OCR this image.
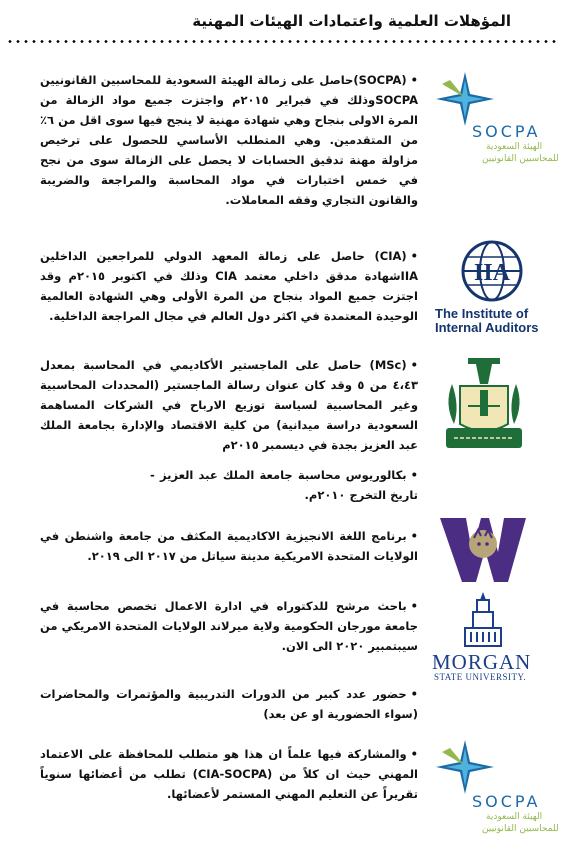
المؤهلات العلمية واعتمادات الهيئات المهنية
• (SOCPA)حاصل على زمالة الهيئة السعودية للمحاسبين القانونيين SOCPAوذلك في فبراير ٢٠١٥م واجتزت جميع مواد الزمالة من المرة الاولى بنجاح وهي شهادة مهنية لا ينجح فيها سوى اقل من ٦٪ من المتقدمين. وهي المتطلب الأساسي للحصول على ترخيص مزاولة مهنة تدقيق الحسابات لا يحصل على الزمالة سوى من نجح في خمس اختبارات في مواد المحاسبة والمراجعة والضريبة والقانون التجاري وفقه المعاملات.
SOCPA
الهيئة السعودية
للمحاسبين القانونيين
• (CIA) حاصل على زمالة المعهد الدولي للمراجعين الداخلين IIAشهادة مدقق داخلي معتمد CIA وذلك في اكتوبر ٢٠١٥م وقد اجتزت جميع المواد بنجاح من المرة الأولى وهي الشهادة العالمية الوحيدة المعتمدة في اكثر دول العالم في مجال المراجعة الداخلية.
IIA
The Institute of
Internal Auditors
• (MSc) حاصل على الماجستير الأكاديمي في المحاسبة بمعدل ٤،٤٣ من ٥ وقد كان عنوان رسالة الماجستير (المحددات المحاسبية وغير المحاسبية لسياسة توزيع الارباح في الشركات المساهمة السعودية دراسة ميدانية) من كلية الاقتصاد والإدارة بجامعة الملك عبد العزيز بجدة في ديسمبر ٢٠١٥م
• بكالوريوس محاسبة جامعة الملك عبد العزيز - تاريخ التخرج ٢٠١٠م.
• برنامج اللغة الانجيزية الاكاديمية المكثف من جامعة واشنطن في الولايات المتحدة الامريكية مدينة سياتل من ٢٠١٧ الى ٢٠١٩.
• باحث مرشح للدكتوراه في ادارة الاعمال تخصص محاسبة في جامعة مورجان الحكومية ولاية ميرلاند الولايات المتحدة الامريكي من سيبتمبير ٢٠٢٠ الى الان.
MORGAN
STATE UNIVERSITY.
• حضور عدد كبير من الدورات التدريبية والمؤتمرات والمحاضرات (سواء الحضورية او عن بعد)
• والمشاركة فيها علماً ان هذا هو متطلب للمحافظة على الاعتماد المهني حيث ان كلاً من (CIA-SOCPA) تطلب من أعضائها سنوياً تقريراً عن التعليم المهني المستمر لأعضائها.	SOCPA
الهيئة السعودية
للمحاسبين القانونيين
